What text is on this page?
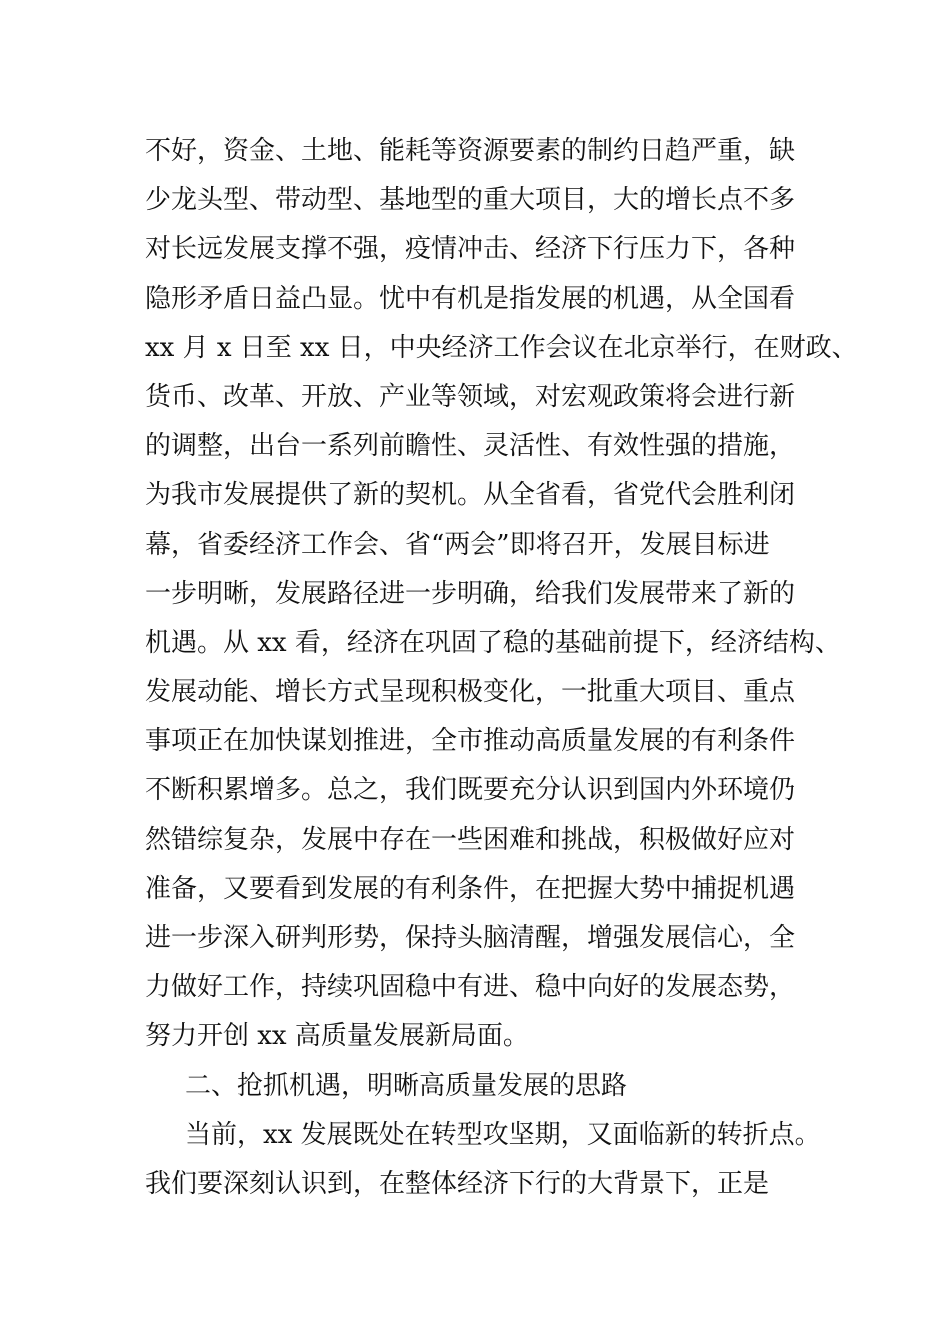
不好，资金、土地、能耗等资源要素的制约日趋严重，缺
少龙头型、带动型、基地型的重大项目，大的增长点不多
对长远发展支撑不强，疫情冲击、经济下行压力下，各种
隐形矛盾日益凸显。忧中有机是指发展的机遇，从全国看
xx 月 x 日至 xx 日，中央经济工作会议在北京举行，在财政、
货币、改革、开放、产业等领域，对宏观政策将会进行新
的调整，出台一系列前瞻性、灵活性、有效性强的措施，
为我市发展提供了新的契机。从全省看，省党代会胜利闭
幕，省委经济工作会、省“两会”即将召开，发展目标进
一步明晰，发展路径进一步明确，给我们发展带来了新的
机遇。从 xx 看，经济在巩固了稳的基础前提下，经济结构、
发展动能、增长方式呈现积极变化，一批重大项目、重点
事项正在加快谋划推进，全市推动高质量发展的有利条件
不断积累增多。总之，我们既要充分认识到国内外环境仍
然错综复杂，发展中存在一些困难和挑战，积极做好应对
准备，又要看到发展的有利条件，在把握大势中捕捉机遇
进一步深入研判形势，保持头脑清醒，增强发展信心，全
力做好工作，持续巩固稳中有进、稳中向好的发展态势，
努力开创 xx 高质量发展新局面。
二、抢抓机遇，明晰高质量发展的思路
当前，xx 发展既处在转型攻坚期，又面临新的转折点。
我们要深刻认识到，在整体经济下行的大背景下，正是
